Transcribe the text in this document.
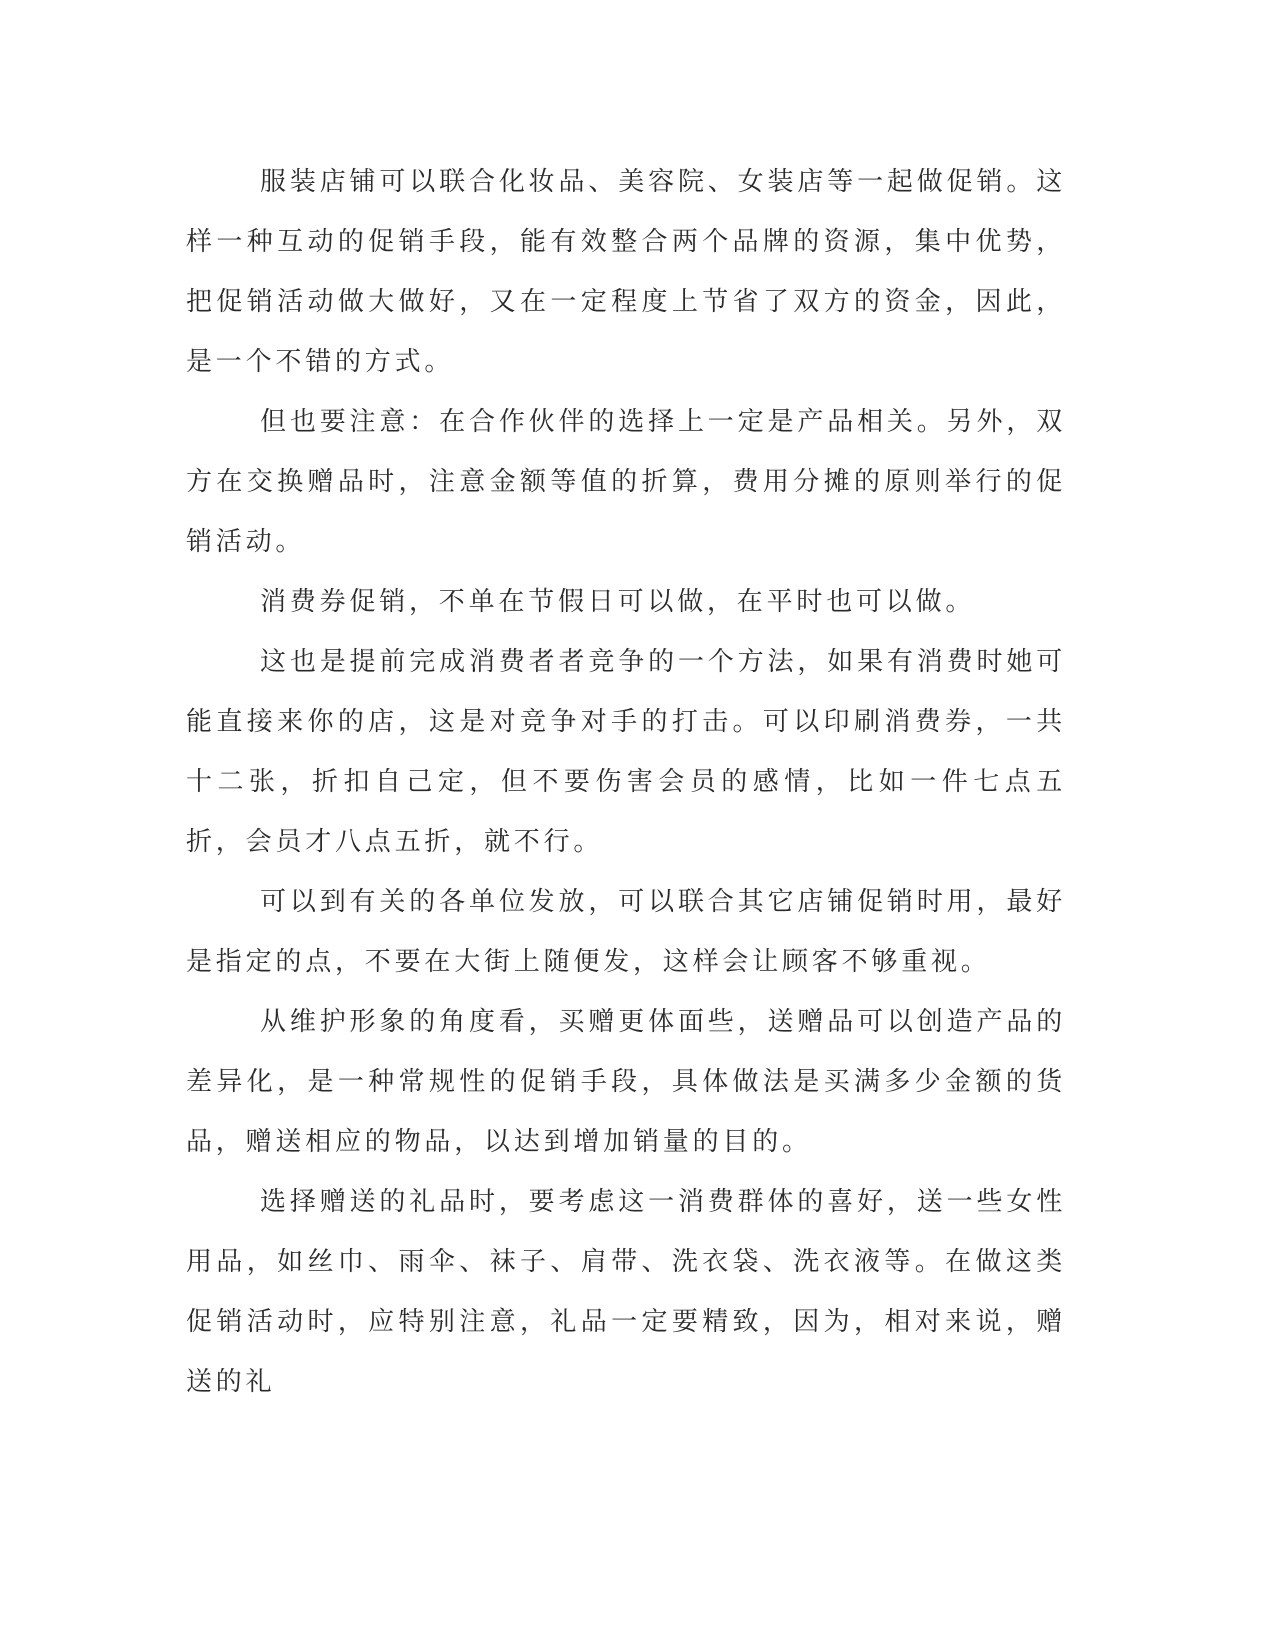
服装店铺可以联合化妆品、美容院、女装店等一起做促销。这样一种互动的促销手段，能有效整合两个品牌的资源，集中优势，把促销活动做大做好，又在一定程度上节省了双方的资金，因此，是一个不错的方式。

但也要注意：在合作伙伴的选择上一定是产品相关。另外，双方在交换赠品时，注意金额等值的折算，费用分摊的原则举行的促销活动。

消费券促销，不单在节假日可以做，在平时也可以做。

这也是提前完成消费者者竞争的一个方法，如果有消费时她可能直接来你的店，这是对竞争对手的打击。可以印刷消费券，一共十二张，折扣自己定，但不要伤害会员的感情，比如一件七点五折，会员才八点五折，就不行。

可以到有关的各单位发放，可以联合其它店铺促销时用，最好是指定的点，不要在大街上随便发，这样会让顾客不够重视。

从维护形象的角度看，买赠更体面些，送赠品可以创造产品的差异化，是一种常规性的促销手段，具体做法是买满多少金额的货品，赠送相应的物品，以达到增加销量的目的。

选择赠送的礼品时，要考虑这一消费群体的喜好，送一些女性用品，如丝巾、雨伞、袜子、肩带、洗衣袋、洗衣液等。在做这类促销活动时，应特别注意，礼品一定要精致，因为，相对来说，赠送的礼
